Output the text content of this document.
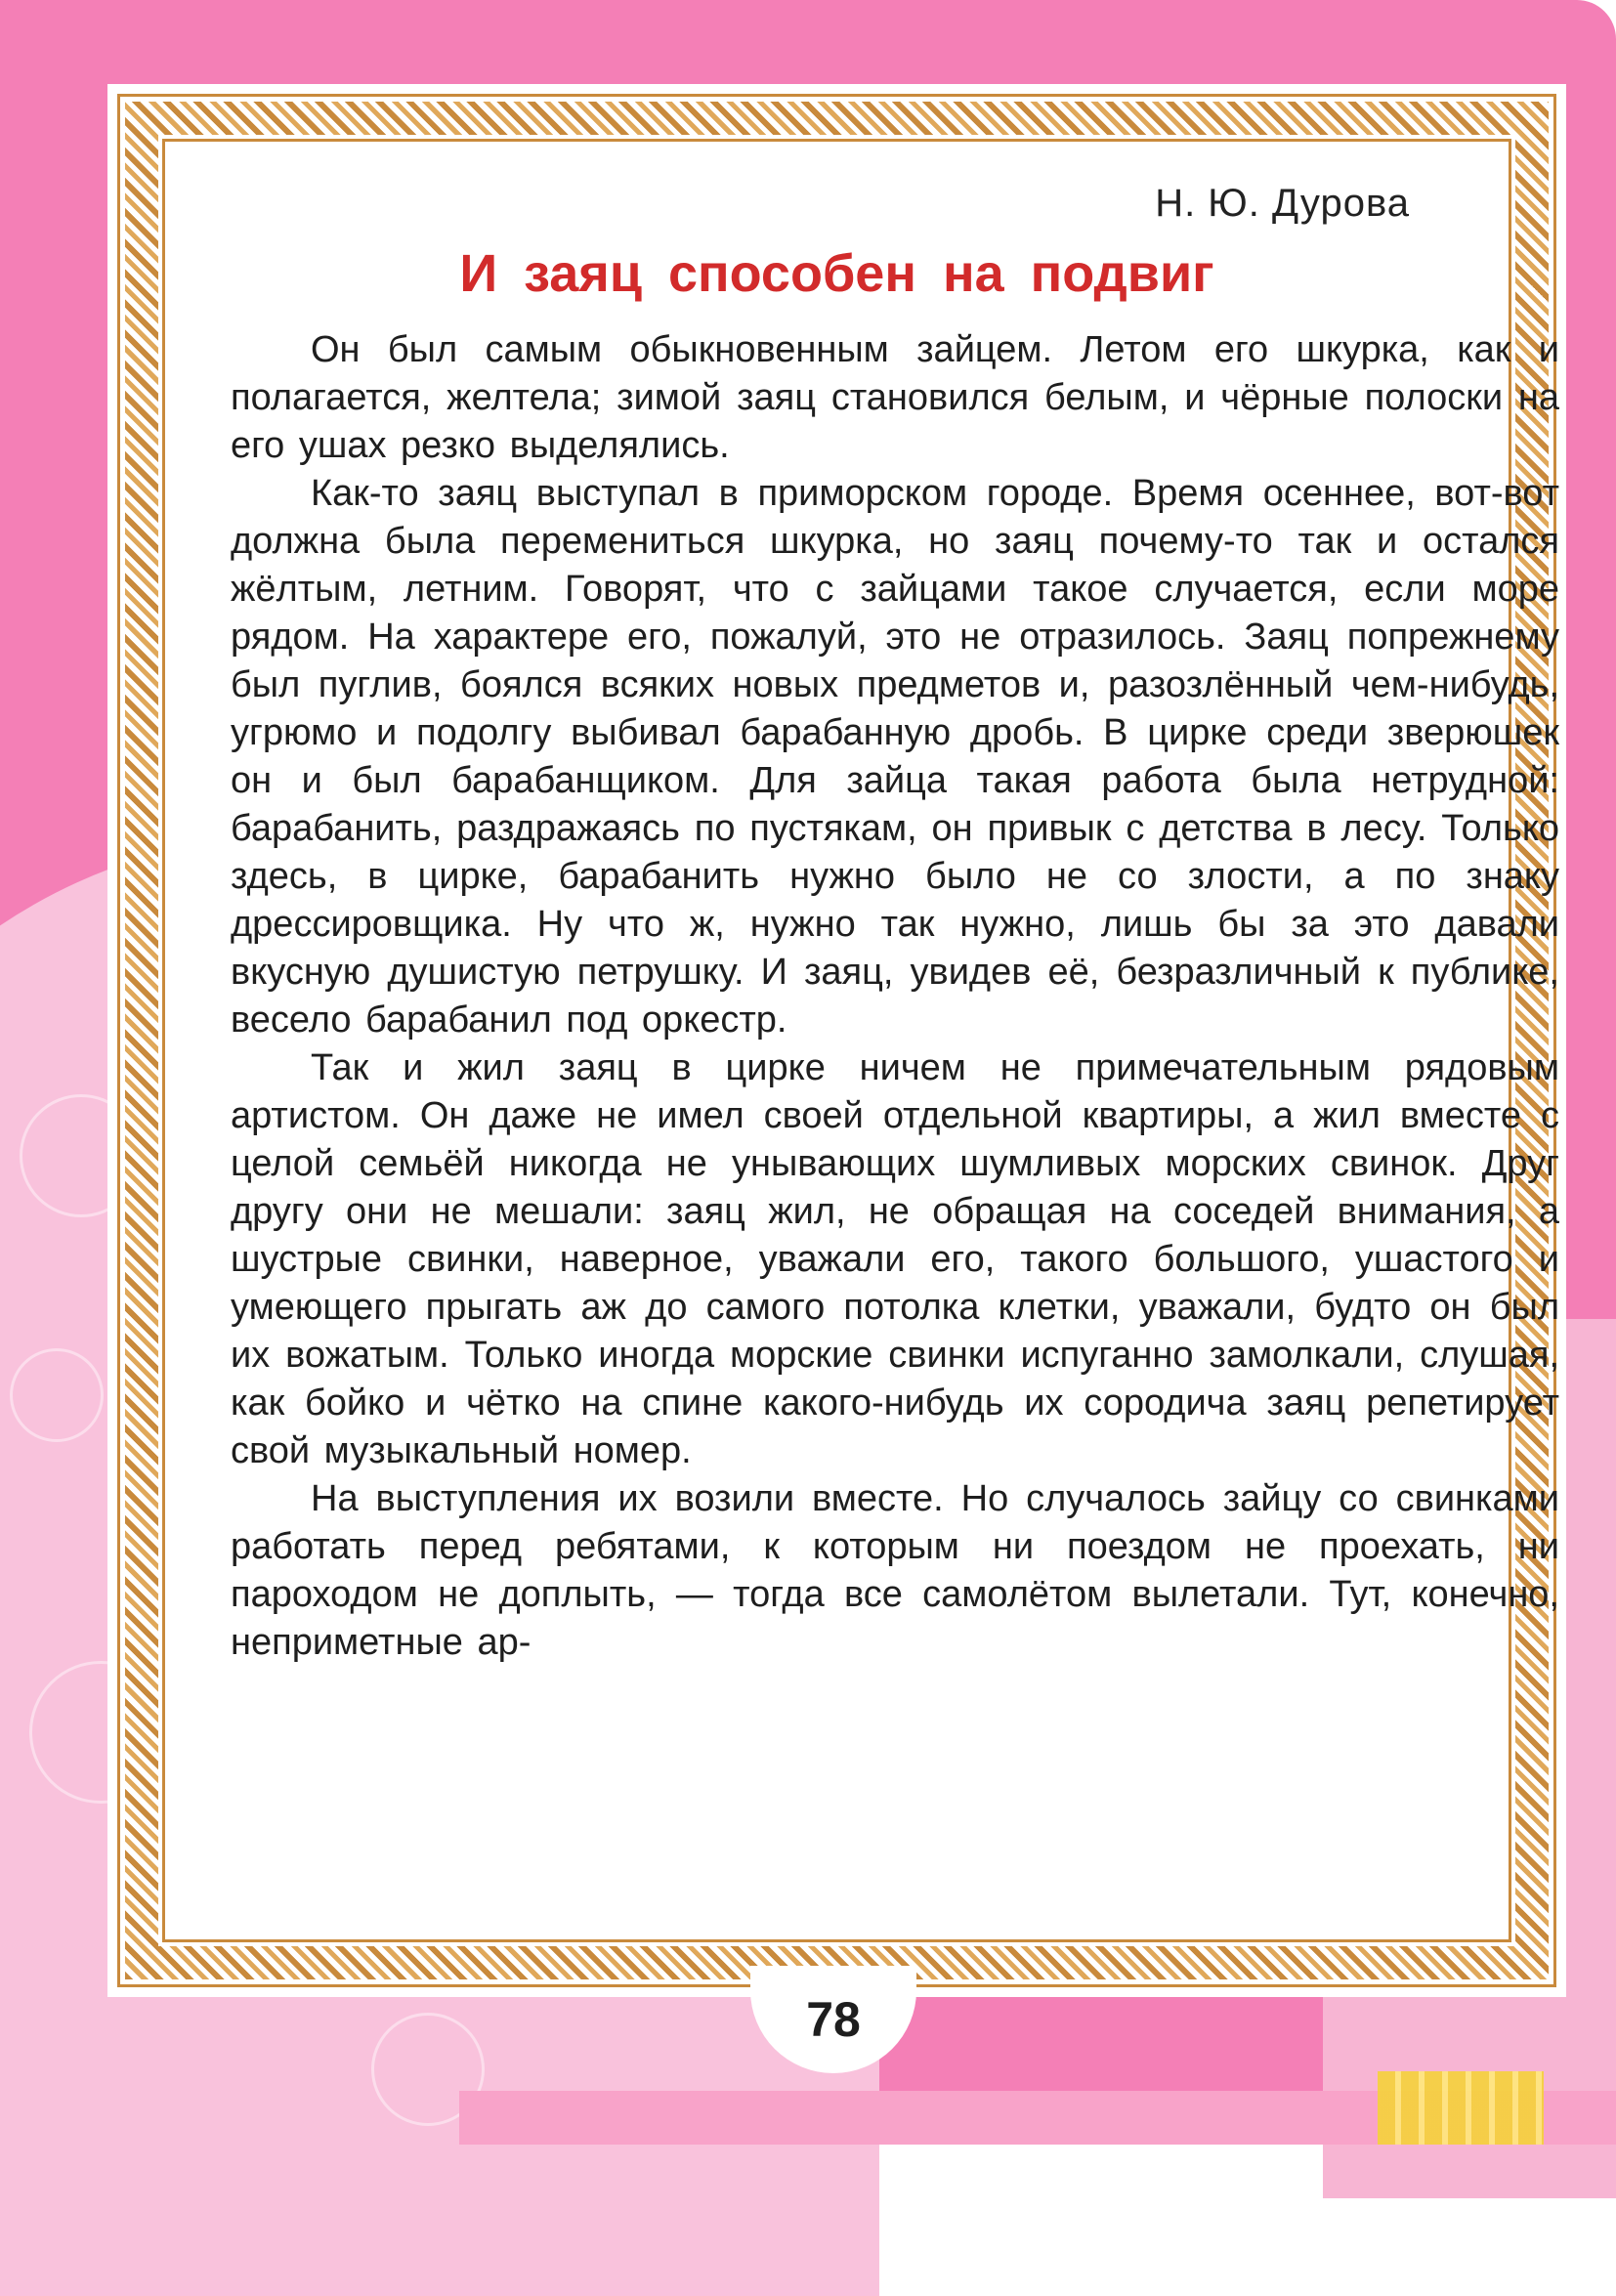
Н. Ю. Дурова
И заяц способен на подвиг

Он был самым обыкновенным зайцем. Летом его шкурка, как и полагается, желтела; зимой заяц становился белым, и чёрные полоски на его ушах резко выделялись.

Как-то заяц выступал в приморском городе. Время осеннее, вот-вот должна была перемениться шкурка, но заяц почему-то так и остался жёлтым, летним. Говорят, что с зайцами такое случается, если море рядом. На характере его, пожалуй, это не отразилось. Заяц попрежнему был пуглив, боялся всяких новых предметов и, разозлённый чем-нибудь, угрюмо и подолгу выбивал барабанную дробь. В цирке среди зверюшек он и был барабанщиком. Для зайца такая работа была нетрудной: барабанить, раздражаясь по пустякам, он привык с детства в лесу. Только здесь, в цирке, барабанить нужно было не со злости, а по знаку дрессировщика. Ну что ж, нужно так нужно, лишь бы за это давали вкусную душистую петрушку. И заяц, увидев её, безразличный к публике, весело барабанил под оркестр.

Так и жил заяц в цирке ничем не примечательным рядовым артистом. Он даже не имел своей отдельной квартиры, а жил вместе с целой семьёй никогда не унывающих шумливых морских свинок. Друг другу они не мешали: заяц жил, не обращая на соседей внимания, а шустрые свинки, наверное, уважали его, такого большого, ушастого и умеющего прыгать аж до самого потолка клетки, уважали, будто он был их вожатым. Только иногда морские свинки испуганно замолкали, слушая, как бойко и чётко на спине какого-нибудь их сородича заяц репетирует свой музыкальный номер.

На выступления их возили вместе. Но случалось зайцу со свинками работать перед ребятами, к которым ни поездом не проехать, ни пароходом не доплыть, — тогда все самолётом вылетали. Тут, конечно, неприметные ар-

78
